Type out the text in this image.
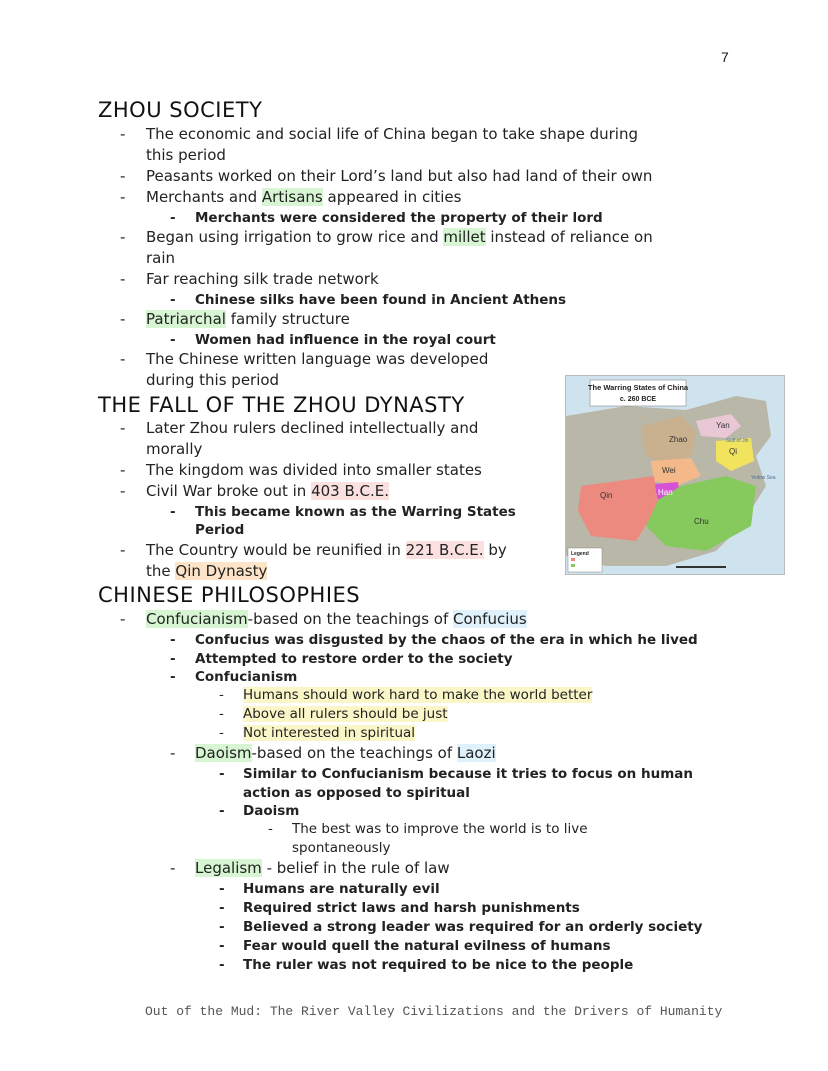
7
ZHOU SOCIETY
-	The economic and social life of China began to take shape during
this period
-	Peasants worked on their Lord’s land but also had land of their own
-	Merchants and Artisans appeared in cities
-	Merchants were considered the property of their lord
-	Began using irrigation to grow rice and millet instead of reliance on
rain
-	Far reaching silk trade network
-	Chinese silks have been found in Ancient Athens
-	Patriarchal family structure
-	Women had influence in the royal court
-	The Chinese written language was developed
during this period
THE FALL OF THE ZHOU DYNASTY
-	Later Zhou rulers declined intellectually and
morally
-	The kingdom was divided into smaller states
-	Civil War broke out in 403 B.C.E.
-	This became known as the Warring States
Period
-	The Country would be reunified in 221 B.C.E. by
the Qin Dynasty
The Warring States of China
c. 260 BCE
Zhao
Yan
Qi
Wei
Han
Qin
Chu
Gulf of Jin
Yellow Sea
Legend
CHINESE PHILOSOPHIES
-	Confucianism-based on the teachings of Confucius
-	Confucius was disgusted by the chaos of the era in which he lived
-	Attempted to restore order to the society
-	Confucianism
-	Humans should work hard to make the world better
-	Above all rulers should be just
-	Not interested in spiritual
-	Daoism-based on the teachings of Laozi
-	Similar to Confucianism because it tries to focus on human
action as opposed to spiritual
-	Daoism
-	The best was to improve the world is to live
spontaneously
-	Legalism - belief in the rule of law
-	Humans are naturally evil
-	Required strict laws and harsh punishments
-	Believed a strong leader was required for an orderly society
-	Fear would quell the natural evilness of humans
-	The ruler was not required to be nice to the people
Out of the Mud: The River Valley Civilizations and the Drivers of Humanity
